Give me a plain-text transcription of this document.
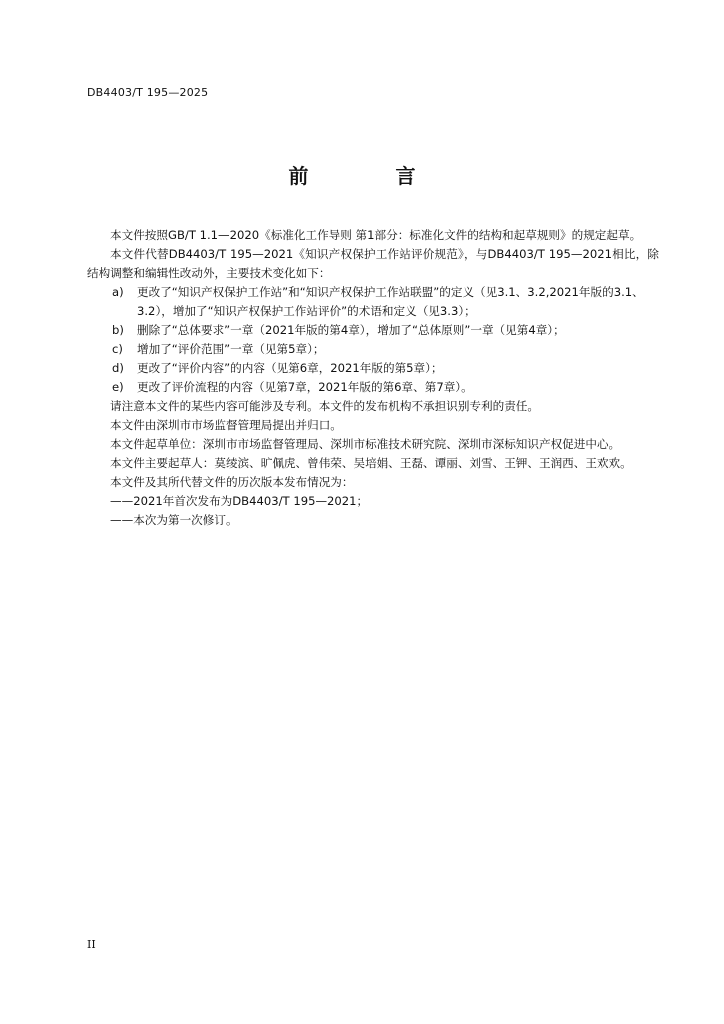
DB4403/T 195—2025
前 言

本文件按照GB/T 1.1—2020《标准化工作导则 第1部分：标准化文件的结构和起草规则》的规定起草。

本文件代替DB4403/T 195—2021《知识产权保护工作站评价规范》，与DB4403/T 195—2021相比，除结构调整和编辑性改动外，主要技术变化如下：

a) 更改了“知识产权保护工作站”和“知识产权保护工作站联盟”的定义（见3.1、3.2,2021年版的3.1、3.2），增加了“知识产权保护工作站评价”的术语和定义（见3.3）；

b) 删除了“总体要求”一章（2021年版的第4章），增加了“总体原则”一章（见第4章）；

c) 增加了“评价范围”一章（见第5章）；

d) 更改了“评价内容”的内容（见第6章，2021年版的第5章）；

e) 更改了评价流程的内容（见第7章，2021年版的第6章、第7章）。

请注意本文件的某些内容可能涉及专利。本文件的发布机构不承担识别专利的责任。

本文件由深圳市市场监督管理局提出并归口。

本文件起草单位：深圳市市场监督管理局、深圳市标准技术研究院、深圳市深标知识产权促进中心。

本文件主要起草人：莫绫滨、旷佩虎、曾伟荣、吴培娟、王磊、谭丽、刘雪、王钾、王润西、王欢欢。

本文件及其所代替文件的历次版本发布情况为：

——2021年首次发布为DB4403/T 195—2021；

——本次为第一次修订。

II
